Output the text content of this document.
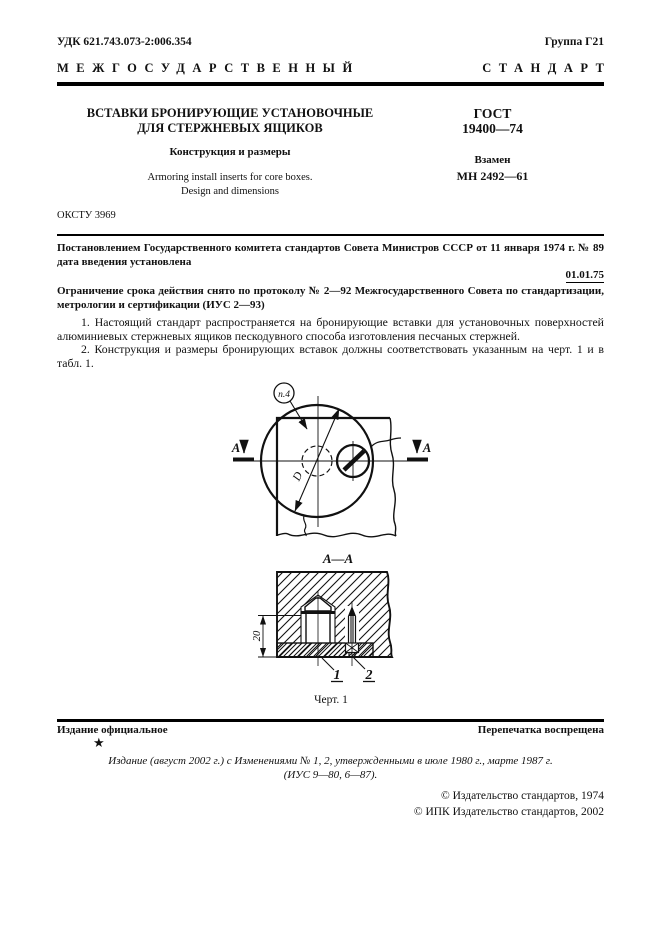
УДК 621.743.073-2:006.354	Группа Г21
МЕЖГОСУДАРСТВЕННЫЙ	СТАНДАРТ
ВСТАВКИ БРОНИРУЮЩИЕ УСТАНОВОЧНЫЕ
ДЛЯ СТЕРЖНЕВЫХ ЯЩИКОВ
Конструкция и размеры
Armoring install inserts for core boxes.
Design and dimensions
ГОСТ
19400—74
Взамен
МН 2492—61
ОКСТУ 3969
Постановлением Государственного комитета стандартов Совета Министров СССР от 11 января 1974 г. № 89 дата введения установлена
01.01.75
Ограничение срока действия снято по протоколу № 2—92 Межгосударственного Совета по стандартизации, метрологии и сертификации (ИУС 2—93)

1. Настоящий стандарт распространяется на бронирующие вставки для установочных поверхностей алюминиевых стержневых ящиков пескодувного способа изготовления песчаных стержней.

2. Конструкция и размеры бронирующих вставок должны соответствовать указанным на черт. 1 и в табл. 1.

D
п.4
А	А
А—А
20
1 2
Черт. 1
Издание официальное	Перепечатка воспрещена
★
Издание (август 2002 г.) с Изменениями № 1, 2, утвержденными в июле 1980 г., марте 1987 г.
(ИУС 9—80, 6—87).
© Издательство стандартов, 1974
© ИПК Издательство стандартов, 2002
